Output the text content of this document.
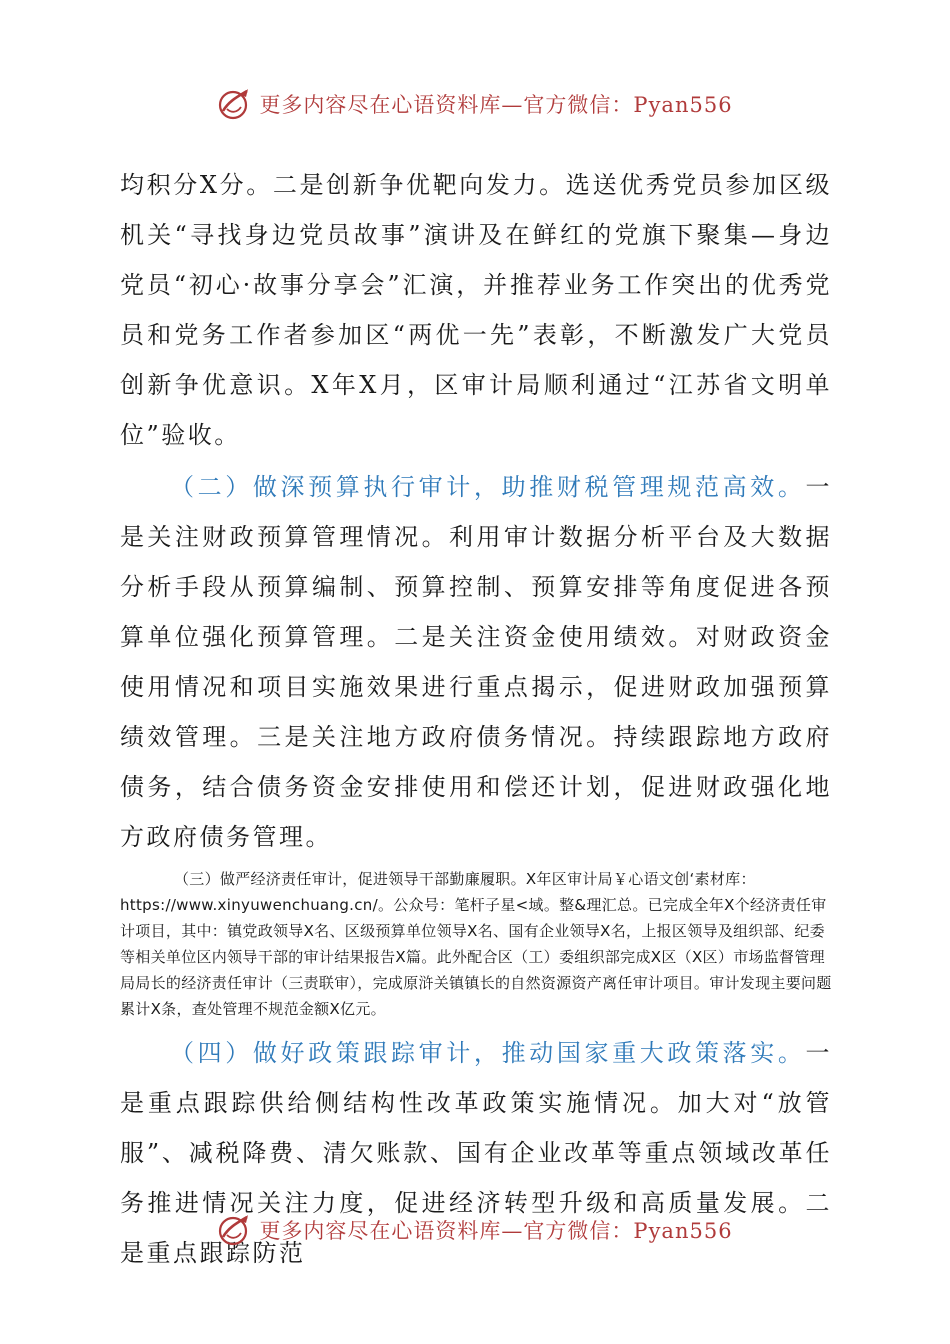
更多内容尽在心语资料库—官方微信：Pyan556

均积分X分。二是创新争优靶向发力。选送优秀党员参加区级机关“寻找身边党员故事”演讲及在鲜红的党旗下聚集—身边党员“初心·故事分享会”汇演，并推荐业务工作突出的优秀党员和党务工作者参加区“两优一先”表彰，不断激发广大党员创新争优意识。X年X月，区审计局顺利通过“江苏省文明单位”验收。

（二）做深预算执行审计，助推财税管理规范高效。一是关注财政预算管理情况。利用审计数据分析平台及大数据分析手段从预算编制、预算控制、预算安排等角度促进各预算单位强化预算管理。二是关注资金使用绩效。对财政资金使用情况和项目实施效果进行重点揭示，促进财政加强预算绩效管理。三是关注地方政府债务情况。持续跟踪地方政府债务，结合债务资金安排使用和偿还计划，促进财政强化地方政府债务管理。

（三）做严经济责任审计，促进领导干部勤廉履职。X年区审计局￥心语文创‘素材库：https://www.xinyuwenchuang.cn/。公众号：笔杆子星<域。整&理汇总。已完成全年X个经济责任审计项目，其中：镇党政领导X名、区级预算单位领导X名、国有企业领导X名，上报区领导及组织部、纪委等相关单位区内领导干部的审计结果报告X篇。此外配合区（工）委组织部完成X区（X区）市场监督管理局局长的经济责任审计（三责联审），完成原浒关镇镇长的自然资源资产离任审计项目。审计发现主要问题累计X条，查处管理不规范金额X亿元。

（四）做好政策跟踪审计，推动国家重大政策落实。一是重点跟踪供给侧结构性改革政策实施情况。加大对“放管服”、减税降费、清欠账款、国有企业改革等重点领域改革任务推进情况关注力度，促进经济转型升级和高质量发展。二是重点跟踪防范

更多内容尽在心语资料库—官方微信：Pyan556
